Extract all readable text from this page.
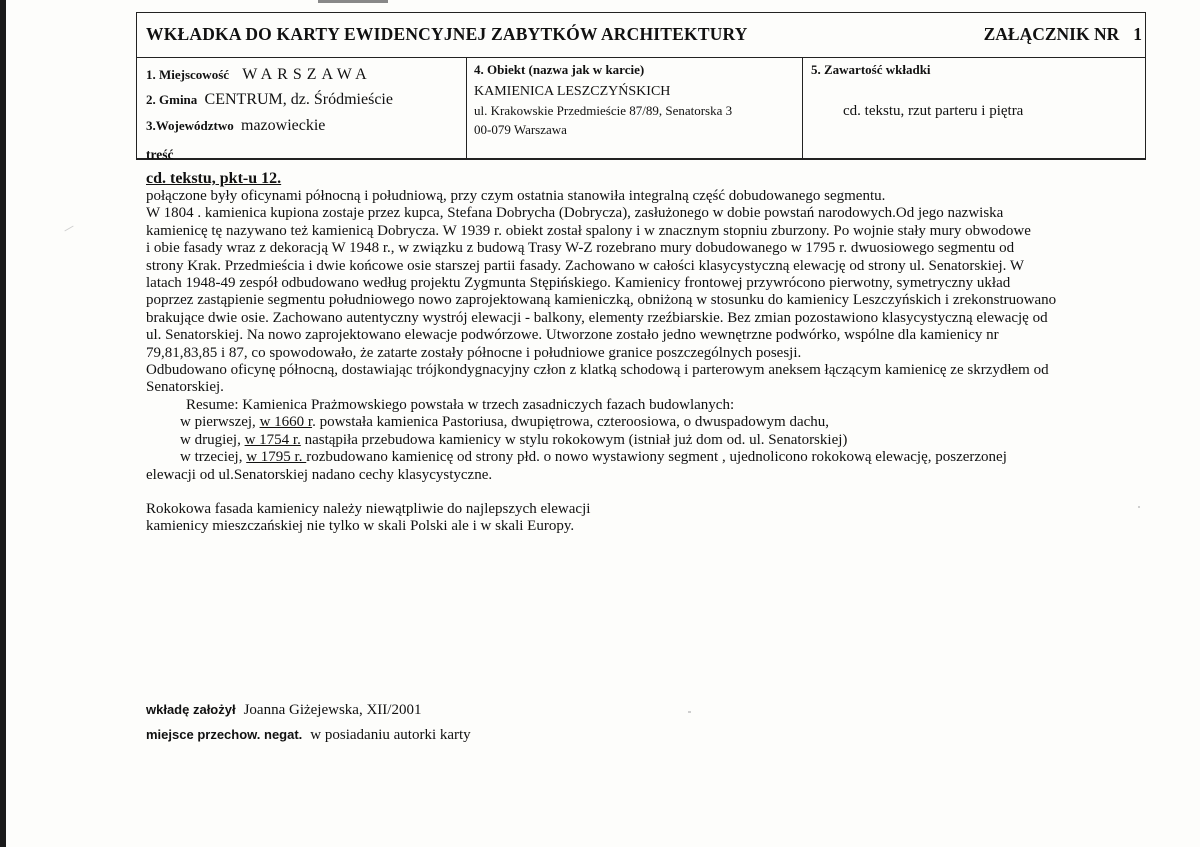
WKŁADKA DO KARTY EWIDENCYJNEJ ZABYTKÓW ARCHITEKTURY	ZAŁĄCZNIK NR 1
1. Miejscowość WARSZAWA
2. Gmina CENTRUM, dz. Śródmieście
3.Województwo mazowieckie
4. Obiekt (nazwa jak w karcie)
KAMIENICA LESZCZYŃSKICH
ul. Krakowskie Przedmieście 87/89, Senatorska 3
00-079 Warszawa
5. Zawartość wkładki
cd. tekstu, rzut parteru i piętra
treść
cd. tekstu, pkt-u 12.

połączone były oficynami północną i południową, przy czym ostatnia stanowiła integralną część dobudowanego segmentu.

W 1804 . kamienica kupiona zostaje przez kupca, Stefana Dobrycha (Dobrycza), zasłużonego w dobie powstań narodowych.Od jego nazwiska

kamienicę tę nazywano też kamienicą Dobrycza. W 1939 r. obiekt został spalony i w znacznym stopniu zburzony. Po wojnie stały mury obwodowe

i obie fasady wraz z dekoracją W 1948 r., w związku z budową Trasy W-Z rozebrano mury dobudowanego w 1795 r. dwuosiowego segmentu od

strony Krak. Przedmieścia i dwie końcowe osie starszej partii fasady. Zachowano w całości klasycystyczną elewację od strony ul. Senatorskiej. W

latach 1948-49 zespół odbudowano według projektu Zygmunta Stępińskiego. Kamienicy frontowej przywrócono pierwotny, symetryczny układ

poprzez zastąpienie segmentu południowego nowo zaprojektowaną kamieniczką, obniżoną w stosunku do kamienicy Leszczyńskich i zrekonstruowano

brakujące dwie osie. Zachowano autentyczny wystrój elewacji - balkony, elementy rzeźbiarskie. Bez zmian pozostawiono klasycystyczną elewację od

ul. Senatorskiej. Na nowo zaprojektowano elewacje podwórzowe. Utworzone zostało jedno wewnętrzne podwórko, wspólne dla kamienicy nr

79,81,83,85 i 87, co spowodowało, że zatarte zostały północne i południowe granice poszczególnych posesji.

Odbudowano oficynę północną, dostawiając trójkondygnacyjny człon z klatką schodową i parterowym aneksem łączącym kamienicę ze skrzydłem od

Senatorskiej.

Resume: Kamienica Prażmowskiego powstała w trzech zasadniczych fazach budowlanych:

w pierwszej, w 1660 r. powstała kamienica Pastoriusa, dwupiętrowa, czteroosiowa, o dwuspadowym dachu,

w drugiej, w 1754 r. nastąpiła przebudowa kamienicy w stylu rokokowym (istniał już dom od. ul. Senatorskiej)

w trzeciej, w 1795 r. rozbudowano kamienicę od strony płd. o nowo wystawiony segment , ujednolicono rokokową elewację, poszerzonej

elewacji od ul.Senatorskiej nadano cechy klasycystyczne.

Rokokowa fasada kamienicy należy niewątpliwie do najlepszych elewacji

kamienicy mieszczańskiej nie tylko w skali Polski ale i w skali Europy.

wkładę założył Joanna Giżejewska, XII/2001
miejsce przechow. negat. w posiadaniu autorki karty
